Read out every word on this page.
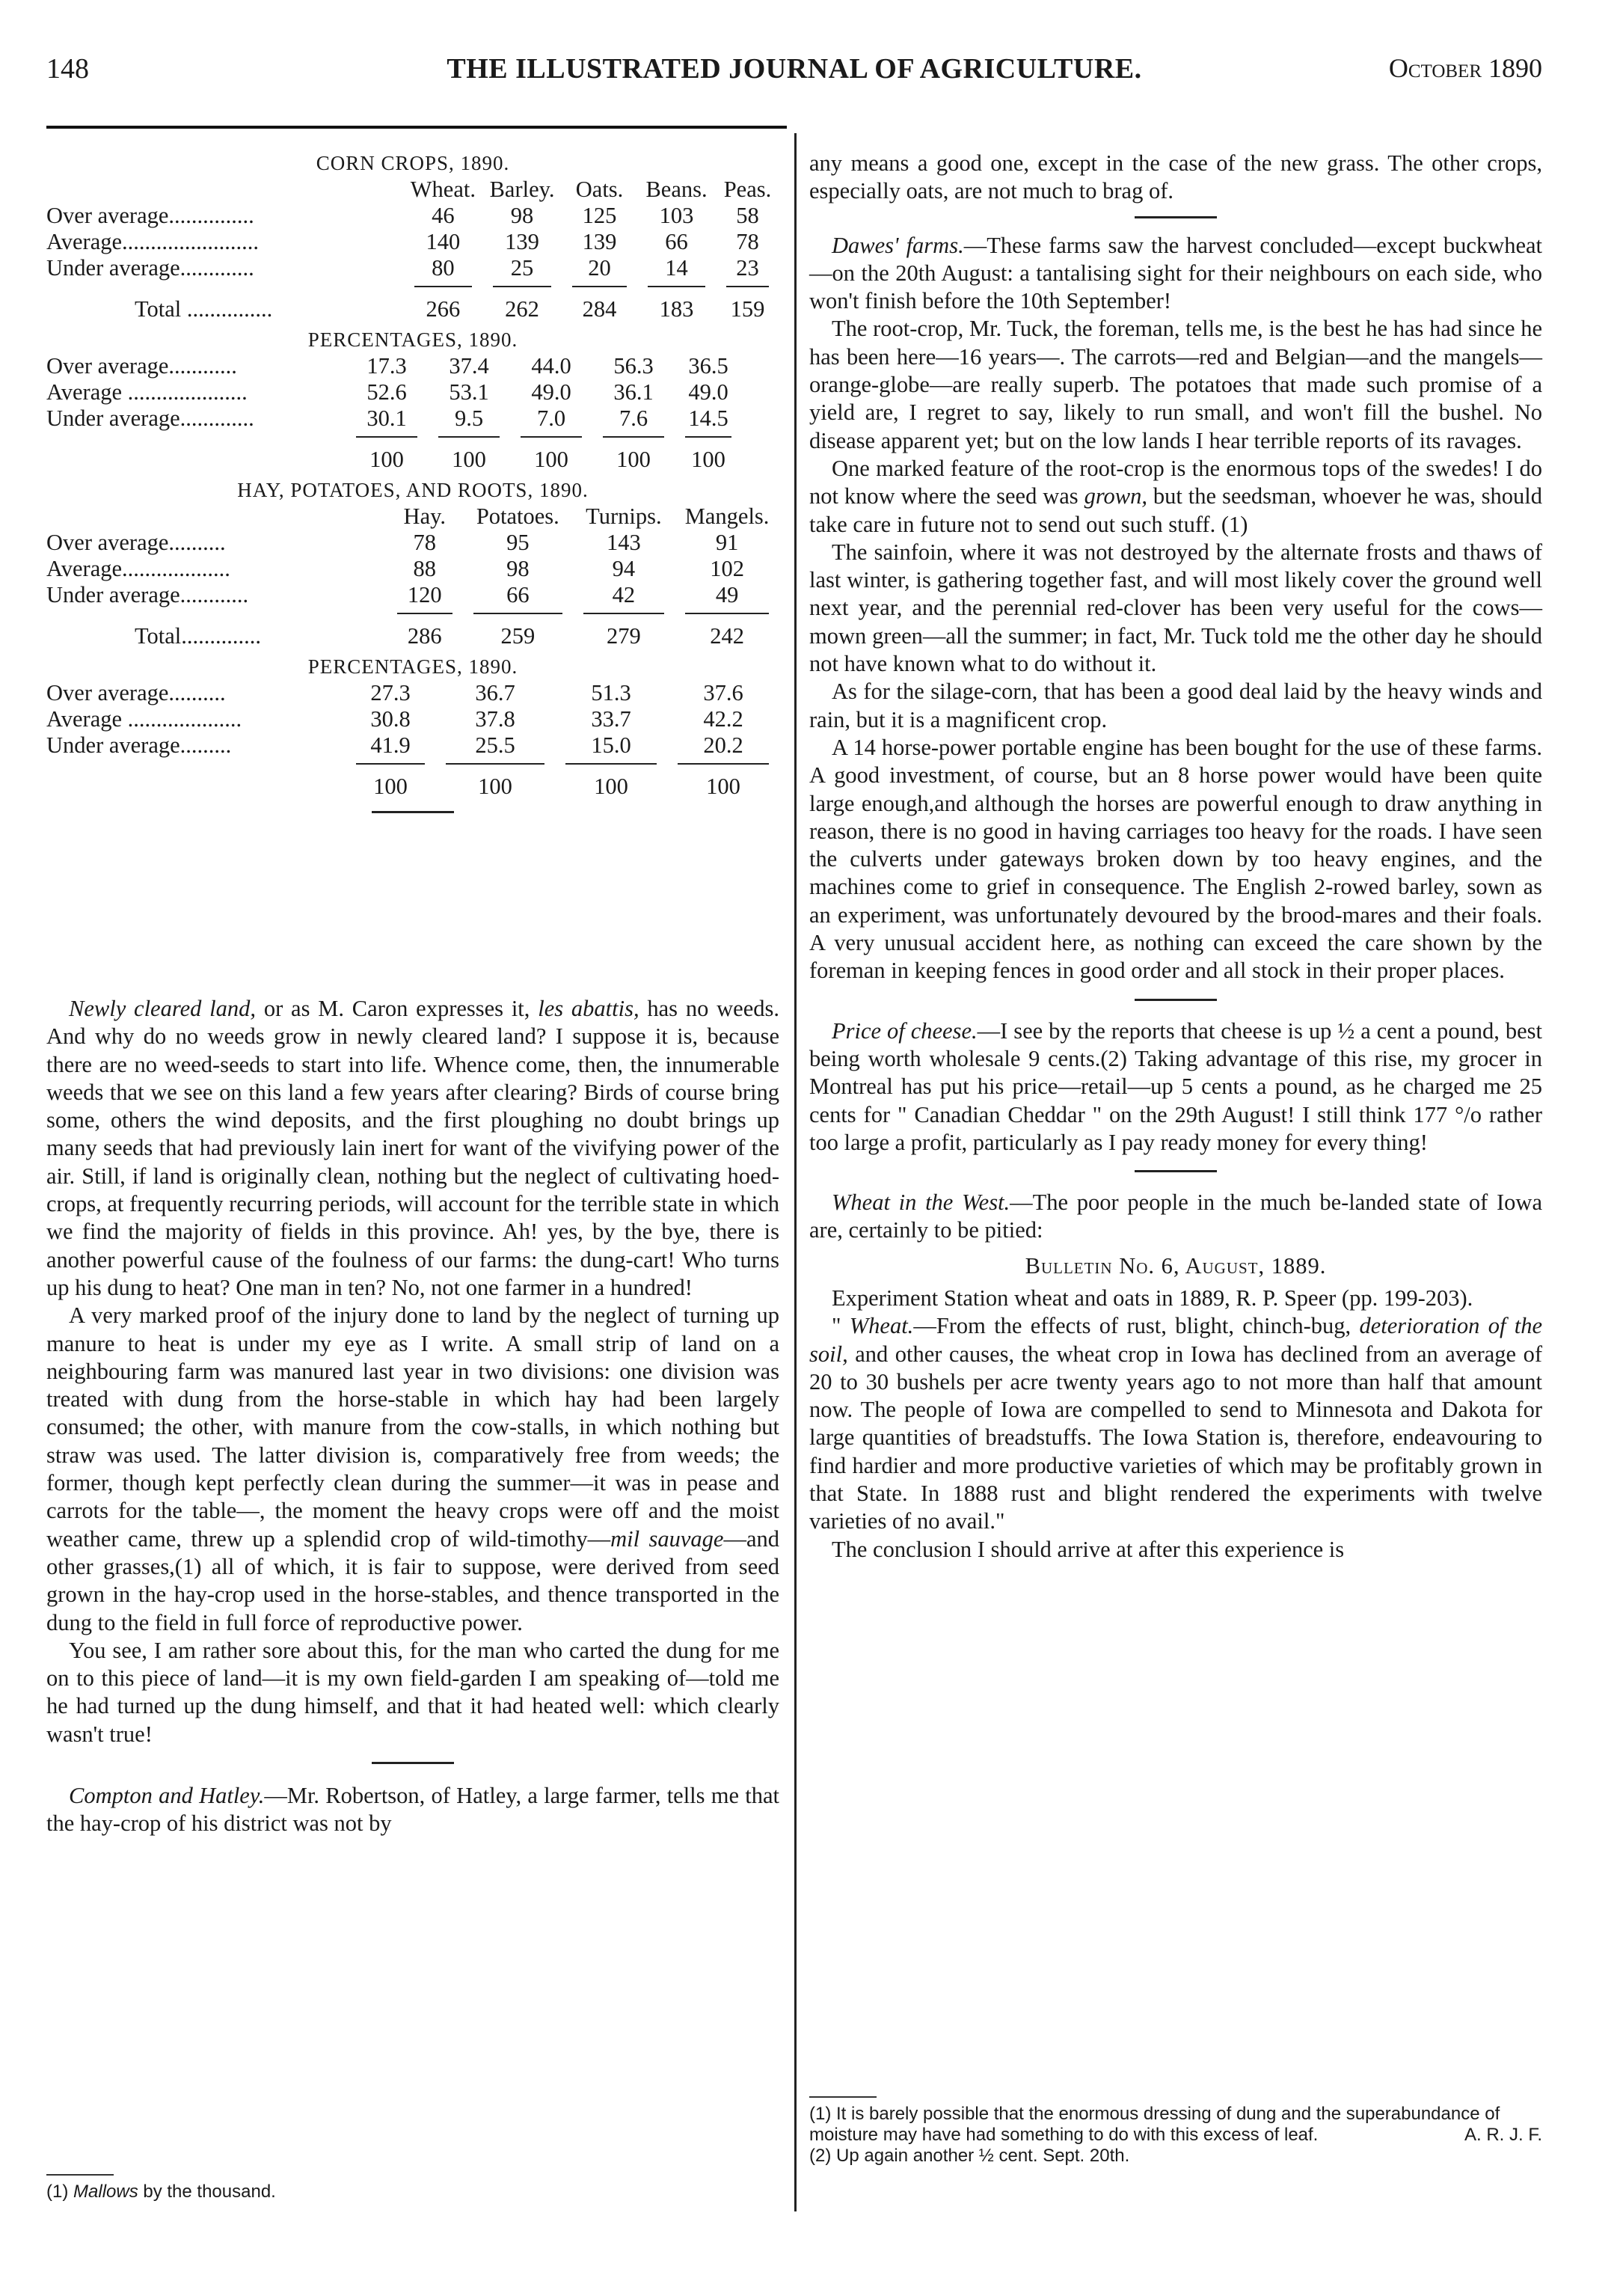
148	THE ILLUSTRATED JOURNAL OF AGRICULTURE.	October 1890
CORN CROPS, 1890.
	Wheat.	Barley.	Oats.	Beans.	Peas.
Over average...............	46	98	125	103	58
Average........................	140	139	139	66	78
Under average.............	80	25	20	14	23

Total ...............	266	262	284	183	159
PERCENTAGES, 1890.
Over average............	17.3	37.4	44.0	56.3	36.5
Average .....................	52.6	53.1	49.0	36.1	49.0
Under average.............	30.1	9.5	7.0	7.6	14.5

	100	100	100	100	100
HAY, POTATOES, AND ROOTS, 1890.
	Hay.	Potatoes.	Turnips.	Mangels.
Over average..........	78	95	143	91
Average...................	88	98	94	102
Under average............	120	66	42	49

Total..............	286	259	279	242
PERCENTAGES, 1890.
Over average..........	27.3	36.7	51.3	37.6
Average ....................	30.8	37.8	33.7	42.2
Under average.........	41.9	25.5	15.0	20.2

	100	100	100	100

Newly cleared land, or as M. Caron expresses it, les abattis, has no weeds. And why do no weeds grow in newly cleared land? I suppose it is, because there are no weed-seeds to start into life. Whence come, then, the innumerable weeds that we see on this land a few years after clearing? Birds of course bring some, others the wind deposits, and the first ploughing no doubt brings up many seeds that had previously lain inert for want of the vivifying power of the air. Still, if land is originally clean, nothing but the neglect of cultivating hoed-crops, at frequently recurring periods, will account for the terrible state in which we find the majority of fields in this province. Ah! yes, by the bye, there is another powerful cause of the foulness of our farms: the dung-cart! Who turns up his dung to heat? One man in ten? No, not one farmer in a hundred!

A very marked proof of the injury done to land by the neglect of turning up manure to heat is under my eye as I write. A small strip of land on a neighbouring farm was manured last year in two divisions: one division was treated with dung from the horse-stable in which hay had been largely consumed; the other, with manure from the cow-stalls, in which nothing but straw was used. The latter division is, comparatively free from weeds; the former, though kept perfectly clean during the summer—it was in pease and carrots for the table—, the moment the heavy crops were off and the moist weather came, threw up a splendid crop of wild-timothy—mil sauvage—and other grasses,(1) all of which, it is fair to suppose, were derived from seed grown in the hay-crop used in the horse-stables, and thence transported in the dung to the field in full force of reproductive power.

You see, I am rather sore about this, for the man who carted the dung for me on to this piece of land—it is my own field-garden I am speaking of—told me he had turned up the dung himself, and that it had heated well: which clearly wasn't true!

Compton and Hatley.—Mr. Robertson, of Hatley, a large farmer, tells me that the hay-crop of his district was not by

(1) Mallows by the thousand.

any means a good one, except in the case of the new grass. The other crops, especially oats, are not much to brag of.

Dawes' farms.—These farms saw the harvest concluded—except buckwheat—on the 20th August: a tantalising sight for their neighbours on each side, who won't finish before the 10th September!

The root-crop, Mr. Tuck, the foreman, tells me, is the best he has had since he has been here—16 years—. The carrots—red and Belgian—and the mangels—orange-globe—are really superb. The potatoes that made such promise of a yield are, I regret to say, likely to run small, and won't fill the bushel. No disease apparent yet; but on the low lands I hear terrible reports of its ravages.

One marked feature of the root-crop is the enormous tops of the swedes! I do not know where the seed was grown, but the seedsman, whoever he was, should take care in future not to send out such stuff. (1)

The sainfoin, where it was not destroyed by the alternate frosts and thaws of last winter, is gathering together fast, and will most likely cover the ground well next year, and the perennial red-clover has been very useful for the cows—mown green—all the summer; in fact, Mr. Tuck told me the other day he should not have known what to do without it.

As for the silage-corn, that has been a good deal laid by the heavy winds and rain, but it is a magnificent crop.

A 14 horse-power portable engine has been bought for the use of these farms. A good investment, of course, but an 8 horse power would have been quite large enough,and although the horses are powerful enough to draw anything in reason, there is no good in having carriages too heavy for the roads. I have seen the culverts under gateways broken down by too heavy engines, and the machines come to grief in consequence. The English 2-rowed barley, sown as an experiment, was unfortunately devoured by the brood-mares and their foals. A very unusual accident here, as nothing can exceed the care shown by the foreman in keeping fences in good order and all stock in their proper places.

Price of cheese.—I see by the reports that cheese is up ½ a cent a pound, best being worth wholesale 9 cents.(2) Taking advantage of this rise, my grocer in Montreal has put his price—retail—up 5 cents a pound, as he charged me 25 cents for " Canadian Cheddar " on the 29th August! I still think 177 °/o rather too large a profit, particularly as I pay ready money for every thing!

Wheat in the West.—The poor people in the much be-landed state of Iowa are, certainly to be pitied:

Bulletin No. 6, August, 1889.

Experiment Station wheat and oats in 1889, R. P. Speer (pp. 199-203).

" Wheat.—From the effects of rust, blight, chinch-bug, deterioration of the soil, and other causes, the wheat crop in Iowa has declined from an average of 20 to 30 bushels per acre twenty years ago to not more than half that amount now. The people of Iowa are compelled to send to Minnesota and Dakota for large quantities of breadstuffs. The Iowa Station is, therefore, endeavouring to find hardier and more productive varieties of which may be profitably grown in that State. In 1888 rust and blight rendered the experiments with twelve varieties of no avail."

The conclusion I should arrive at after this experience is

(1) It is barely possible that the enormous dressing of dung and the superabundance of moisture may have had something to do with this excess of leaf.	A. R. J. F.
(2) Up again another ½ cent. Sept. 20th.
